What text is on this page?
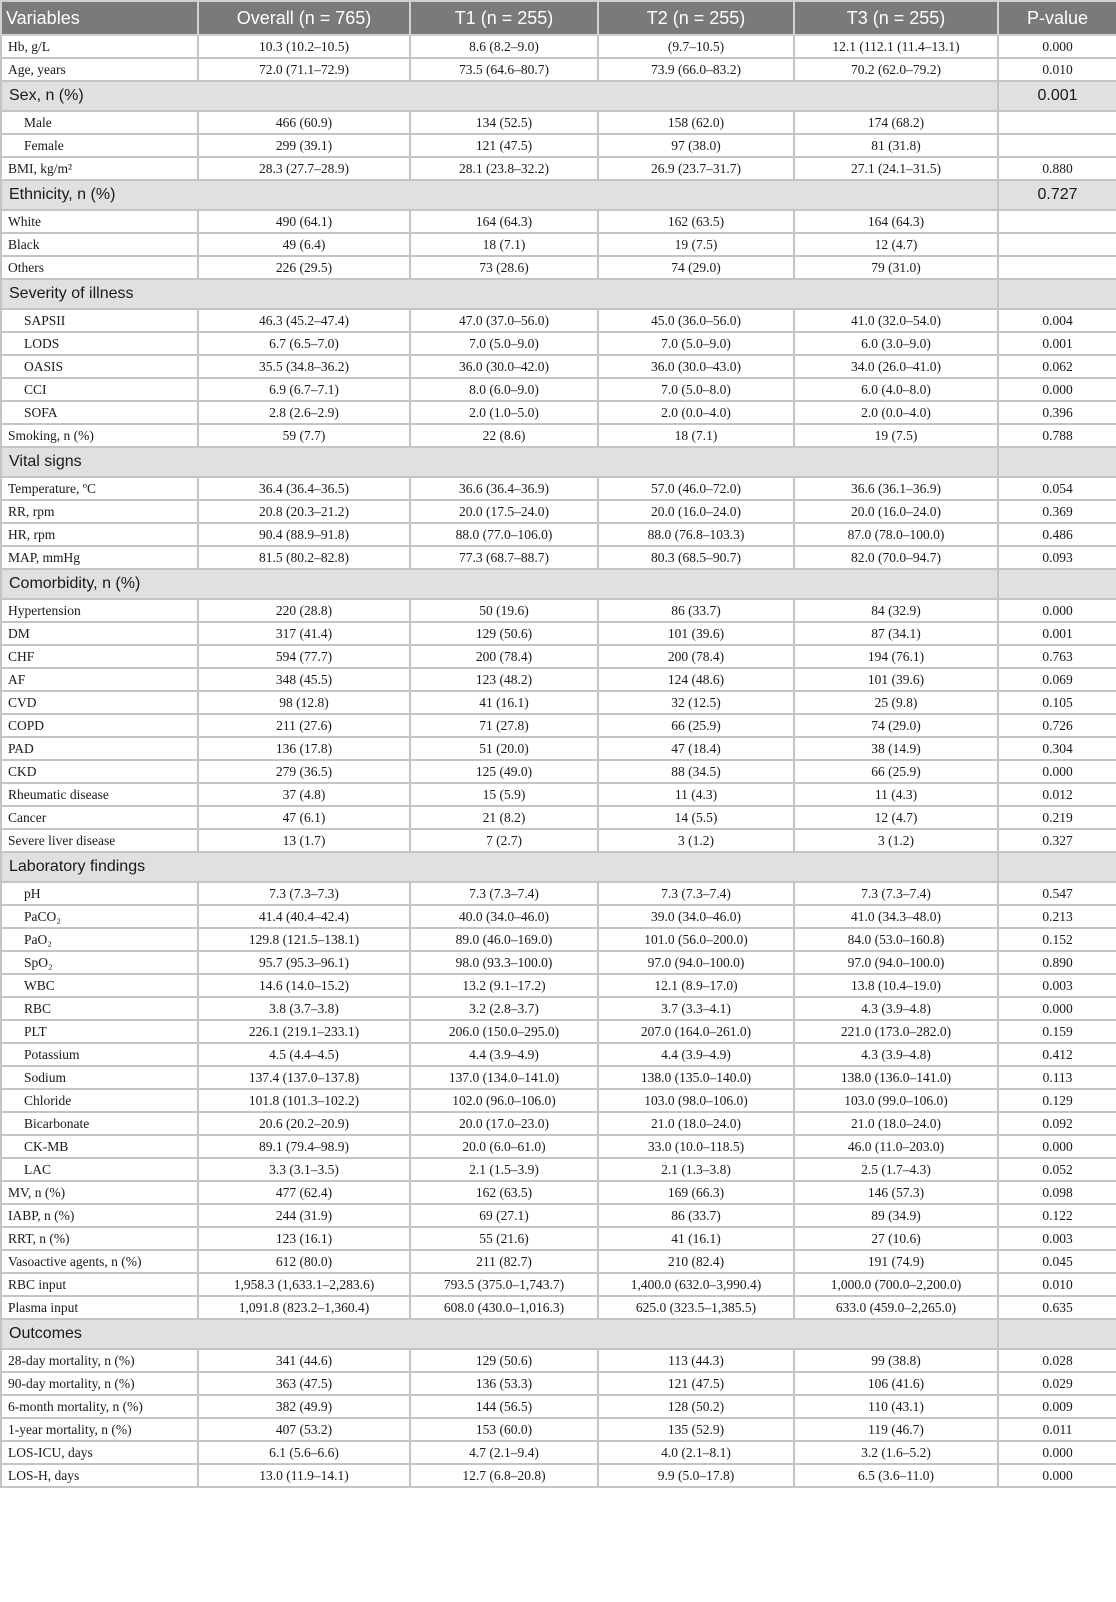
Variables	Overall (n = 765)	T1 (n = 255)	T2 (n = 255)	T3 (n = 255)	P-value
Hb, g/L	10.3 (10.2–10.5)	8.6 (8.2–9.0)	(9.7–10.5)	12.1 (112.1 (11.4–13.1)	0.000
Age, years	72.0 (71.1–72.9)	73.5 (64.6–80.7)	73.9 (66.0–83.2)	70.2 (62.0–79.2)	0.010
Sex, n (%)					0.001
Male	466 (60.9)	134 (52.5)	158 (62.0)	174 (68.2)	
Female	299 (39.1)	121 (47.5)	97 (38.0)	81 (31.8)	
BMI, kg/m²	28.3 (27.7–28.9)	28.1 (23.8–32.2)	26.9 (23.7–31.7)	27.1 (24.1–31.5)	0.880
Ethnicity, n (%)					0.727
White	490 (64.1)	164 (64.3)	162 (63.5)	164 (64.3)	
Black	49 (6.4)	18 (7.1)	19 (7.5)	12 (4.7)	
Others	226 (29.5)	73 (28.6)	74 (29.0)	79 (31.0)	
Severity of illness					
SAPSII	46.3 (45.2–47.4)	47.0 (37.0–56.0)	45.0 (36.0–56.0)	41.0 (32.0–54.0)	0.004
LODS	6.7 (6.5–7.0)	7.0 (5.0–9.0)	7.0 (5.0–9.0)	6.0 (3.0–9.0)	0.001
OASIS	35.5 (34.8–36.2)	36.0 (30.0–42.0)	36.0 (30.0–43.0)	34.0 (26.0–41.0)	0.062
CCI	6.9 (6.7–7.1)	8.0 (6.0–9.0)	7.0 (5.0–8.0)	6.0 (4.0–8.0)	0.000
SOFA	2.8 (2.6–2.9)	2.0 (1.0–5.0)	2.0 (0.0–4.0)	2.0 (0.0–4.0)	0.396
Smoking, n (%)	59 (7.7)	22 (8.6)	18 (7.1)	19 (7.5)	0.788
Vital signs					
Temperature, ºC	36.4 (36.4–36.5)	36.6 (36.4–36.9)	57.0 (46.0–72.0)	36.6 (36.1–36.9)	0.054
RR, rpm	20.8 (20.3–21.2)	20.0 (17.5–24.0)	20.0 (16.0–24.0)	20.0 (16.0–24.0)	0.369
HR, rpm	90.4 (88.9–91.8)	88.0 (77.0–106.0)	88.0 (76.8–103.3)	87.0 (78.0–100.0)	0.486
MAP, mmHg	81.5 (80.2–82.8)	77.3 (68.7–88.7)	80.3 (68.5–90.7)	82.0 (70.0–94.7)	0.093
Comorbidity, n (%)					
Hypertension	220 (28.8)	50 (19.6)	86 (33.7)	84 (32.9)	0.000
DM	317 (41.4)	129 (50.6)	101 (39.6)	87 (34.1)	0.001
CHF	594 (77.7)	200 (78.4)	200 (78.4)	194 (76.1)	0.763
AF	348 (45.5)	123 (48.2)	124 (48.6)	101 (39.6)	0.069
CVD	98 (12.8)	41 (16.1)	32 (12.5)	25 (9.8)	0.105
COPD	211 (27.6)	71 (27.8)	66 (25.9)	74 (29.0)	0.726
PAD	136 (17.8)	51 (20.0)	47 (18.4)	38 (14.9)	0.304
CKD	279 (36.5)	125 (49.0)	88 (34.5)	66 (25.9)	0.000
Rheumatic disease	37 (4.8)	15 (5.9)	11 (4.3)	11 (4.3)	0.012
Cancer	47 (6.1)	21 (8.2)	14 (5.5)	12 (4.7)	0.219
Severe liver disease	13 (1.7)	7 (2.7)	3 (1.2)	3 (1.2)	0.327
Laboratory findings					
pH	7.3 (7.3–7.3)	7.3 (7.3–7.4)	7.3 (7.3–7.4)	7.3 (7.3–7.4)	0.547
PaCO₂	41.4 (40.4–42.4)	40.0 (34.0–46.0)	39.0 (34.0–46.0)	41.0 (34.3–48.0)	0.213
PaO₂	129.8 (121.5–138.1)	89.0 (46.0–169.0)	101.0 (56.0–200.0)	84.0 (53.0–160.8)	0.152
SpO₂	95.7 (95.3–96.1)	98.0 (93.3–100.0)	97.0 (94.0–100.0)	97.0 (94.0–100.0)	0.890
WBC	14.6 (14.0–15.2)	13.2 (9.1–17.2)	12.1 (8.9–17.0)	13.8 (10.4–19.0)	0.003
RBC	3.8 (3.7–3.8)	3.2 (2.8–3.7)	3.7 (3.3–4.1)	4.3 (3.9–4.8)	0.000
PLT	226.1 (219.1–233.1)	206.0 (150.0–295.0)	207.0 (164.0–261.0)	221.0 (173.0–282.0)	0.159
Potassium	4.5 (4.4–4.5)	4.4 (3.9–4.9)	4.4 (3.9–4.9)	4.3 (3.9–4.8)	0.412
Sodium	137.4 (137.0–137.8)	137.0 (134.0–141.0)	138.0 (135.0–140.0)	138.0 (136.0–141.0)	0.113
Chloride	101.8 (101.3–102.2)	102.0 (96.0–106.0)	103.0 (98.0–106.0)	103.0 (99.0–106.0)	0.129
Bicarbonate	20.6 (20.2–20.9)	20.0 (17.0–23.0)	21.0 (18.0–24.0)	21.0 (18.0–24.0)	0.092
CK-MB	89.1 (79.4–98.9)	20.0 (6.0–61.0)	33.0 (10.0–118.5)	46.0 (11.0–203.0)	0.000
LAC	3.3 (3.1–3.5)	2.1 (1.5–3.9)	2.1 (1.3–3.8)	2.5 (1.7–4.3)	0.052
MV, n (%)	477 (62.4)	162 (63.5)	169 (66.3)	146 (57.3)	0.098
IABP, n (%)	244 (31.9)	69 (27.1)	86 (33.7)	89 (34.9)	0.122
RRT, n (%)	123 (16.1)	55 (21.6)	41 (16.1)	27 (10.6)	0.003
Vasoactive agents, n (%)	612 (80.0)	211 (82.7)	210 (82.4)	191 (74.9)	0.045
RBC input	1,958.3 (1,633.1–2,283.6)	793.5 (375.0–1,743.7)	1,400.0 (632.0–3,990.4)	1,000.0 (700.0–2,200.0)	0.010
Plasma input	1,091.8 (823.2–1,360.4)	608.0 (430.0–1,016.3)	625.0 (323.5–1,385.5)	633.0 (459.0–2,265.0)	0.635
Outcomes					
28-day mortality, n (%)	341 (44.6)	129 (50.6)	113 (44.3)	99 (38.8)	0.028
90-day mortality, n (%)	363 (47.5)	136 (53.3)	121 (47.5)	106 (41.6)	0.029
6-month mortality, n (%)	382 (49.9)	144 (56.5)	128 (50.2)	110 (43.1)	0.009
1-year mortality, n (%)	407 (53.2)	153 (60.0)	135 (52.9)	119 (46.7)	0.011
LOS-ICU, days	6.1 (5.6–6.6)	4.7 (2.1–9.4)	4.0 (2.1–8.1)	3.2 (1.6–5.2)	0.000
LOS-H, days	13.0 (11.9–14.1)	12.7 (6.8–20.8)	9.9 (5.0–17.8)	6.5 (3.6–11.0)	0.000
